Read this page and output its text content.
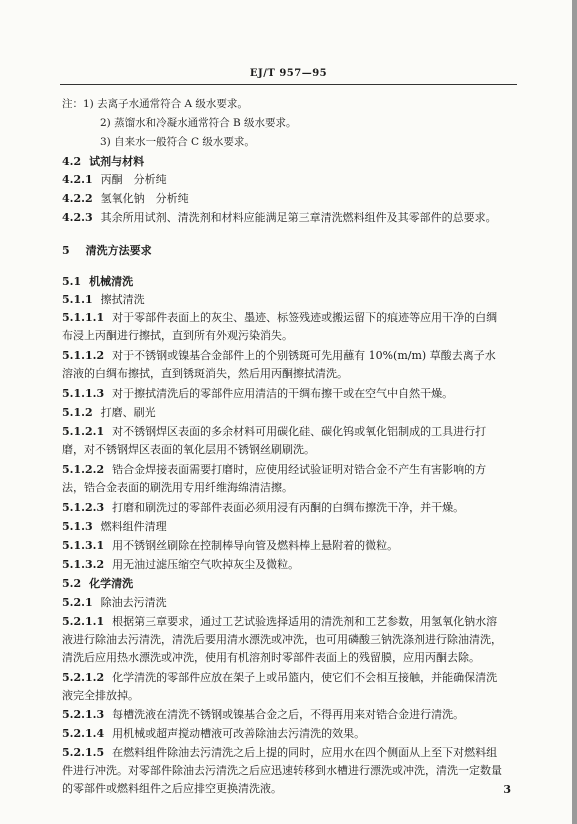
EJ/T 957—95
注：1) 去离子水通常符合 A 级水要求。
2) 蒸馏水和冷凝水通常符合 B 级水要求。
3) 自来水一般符合 C 级水要求。
4.2 试剂与材料
4.2.1 丙酮　分析纯
4.2.2 氢氧化钠　分析纯
4.2.3 其余所用试剂、清洗剂和材料应能满足第三章清洗燃料组件及其零部件的总要求。
5 清洗方法要求
5.1 机械清洗
5.1.1 擦拭清洗
5.1.1.1 对于零部件表面上的灰尘、墨迹、标签残迹或搬运留下的痕迹等应用干净的白绸
布浸上丙酮进行擦拭，直到所有外观污染消失。
5.1.1.2 对于不锈钢或镍基合金部件上的个别锈斑可先用蘸有 10%(m/m) 草酸去离子水
溶液的白绸布擦拭，直到锈斑消失，然后用丙酮擦拭清洗。
5.1.1.3 对于擦拭清洗后的零部件应用清洁的干绸布擦干或在空气中自然干燥。
5.1.2 打磨、刷光
5.1.2.1 对不锈钢焊区表面的多余材料可用碳化硅、碳化钨或氧化铝制成的工具进行打
磨，对不锈钢焊区表面的氧化层用不锈钢丝刷刷洗。
5.1.2.2 锆合金焊接表面需要打磨时，应使用经试验证明对锆合金不产生有害影响的方
法，锆合金表面的刷洗用专用纤维海绵清洁擦。
5.1.2.3 打磨和刷洗过的零部件表面必须用浸有丙酮的白绸布擦洗干净，并干燥。
5.1.3 燃料组件清理
5.1.3.1 用不锈钢丝刷除在控制棒导向管及燃料棒上悬附着的微粒。
5.1.3.2 用无油过滤压缩空气吹掉灰尘及微粒。
5.2 化学清洗
5.2.1 除油去污清洗
5.2.1.1 根据第三章要求，通过工艺试验选择适用的清洗剂和工艺参数，用氢氧化钠水溶
液进行除油去污清洗，清洗后要用清水漂洗或冲洗，也可用磷酸三钠洗涤剂进行除油清洗，
清洗后应用热水漂洗或冲洗，使用有机溶剂时零部件表面上的残留膜，应用丙酮去除。
5.2.1.2 化学清洗的零部件应放在架子上或吊篮内，使它们不会相互接触，并能确保清洗
液完全排放掉。
5.2.1.3 每槽洗液在清洗不锈钢或镍基合金之后，不得再用来对锆合金进行清洗。
5.2.1.4 用机械或超声搅动槽液可改善除油去污清洗的效果。
5.2.1.5 在燃料组件除油去污清洗之后上提的同时，应用水在四个侧面从上至下对燃料组
件进行冲洗。对零部件除油去污清洗之后应迅速转移到水槽进行漂洗或冲洗，清洗一定数量
的零部件或燃料组件之后应排空更换清洗液。	3
